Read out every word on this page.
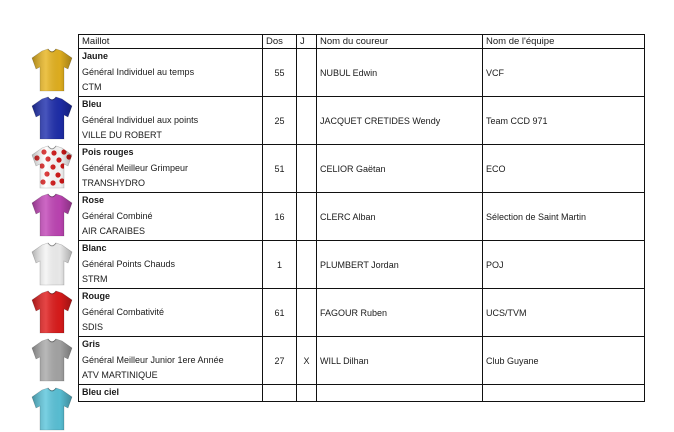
Maillot	Dos	J	Nom du coureur	Nom de l'équipe

Jaune
Général Individuel au temps
CTM	55		NUBUL Edwin	VCF

Bleu
Général Individuel aux points
VILLE DU ROBERT	25		JACQUET CRETIDES Wendy	Team CCD 971

Pois rouges
Général Meilleur Grimpeur
TRANSHYDRO	51		CELIOR Gaëtan	ECO

Rose
Général Combiné
AIR CARAIBES	16		CLERC Alban	Sélection de Saint Martin

Blanc
Général Points Chauds
STRM	1		PLUMBERT Jordan	POJ

Rouge
Général Combativité
SDIS	61		FAGOUR Ruben	UCS/TVM

Gris
Général Meilleur Junior 1ere Année
ATV MARTINIQUE	27	X	WILL Dilhan	Club Guyane

Bleu ciel				
